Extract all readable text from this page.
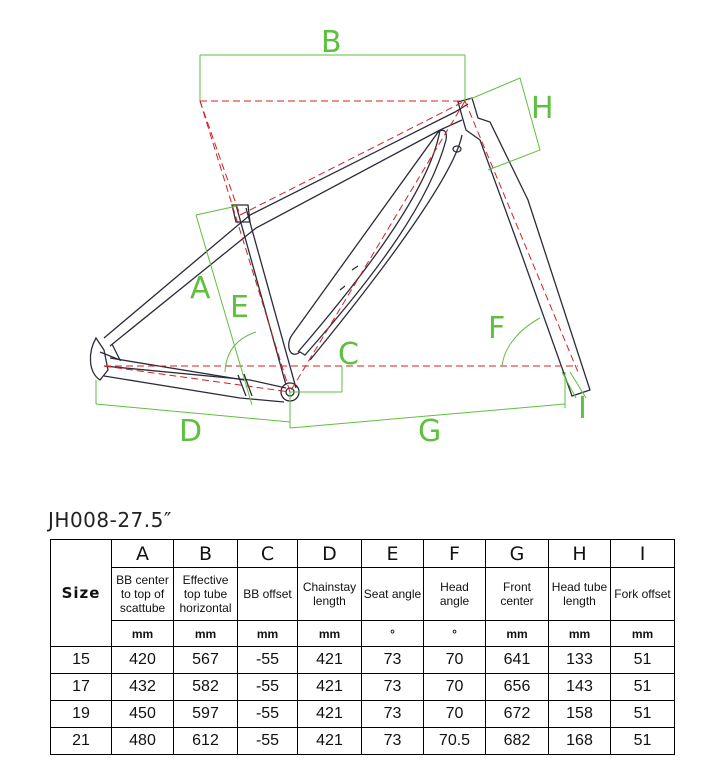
B
H
A
E
C
F
D	G
I
JH008-27.5″
Size	A	B	C	D	E	F	G	H	I
	BB center to top of scattube	Effective top tube horizontal	BB offset	Chainstay length	Seat angle	Head angle	Front center	Head tube length	Fork offset
	mm	mm	mm	mm	°	°	mm	mm	mm
15	420	567	-55	421	73	70	641	133	51
17	432	582	-55	421	73	70	656	143	51
19	450	597	-55	421	73	70	672	158	51
21	480	612	-55	421	73	70.5	682	168	51
